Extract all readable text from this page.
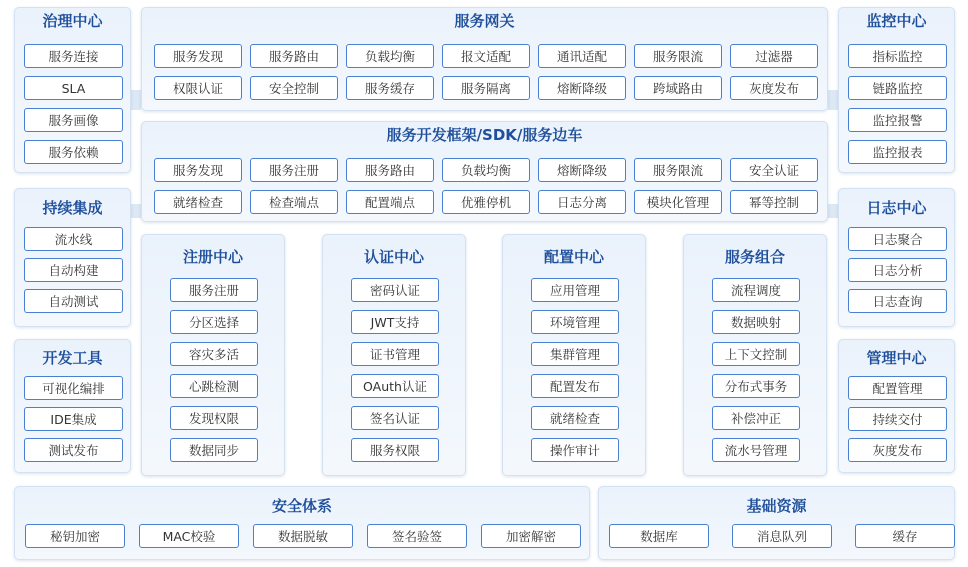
治理中心
服务连接
SLA
服务画像
服务依赖
服务网关
服务发现	服务路由	负载均衡	报文适配	通讯适配	服务限流	过滤器
权限认证	安全控制	服务缓存	服务隔离	熔断降级	跨域路由	灰度发布
监控中心
指标监控
链路监控
监控报警
监控报表
服务开发框架/SDK/服务边车
服务发现	服务注册	服务路由	负载均衡	熔断降级	服务限流	安全认证
就绪检查	检查端点	配置端点	优雅停机	日志分离	模块化管理	幂等控制
持续集成
流水线
自动构建
自动测试
开发工具
可视化编排
IDE集成
测试发布
注册中心
服务注册
分区选择
容灾多活
心跳检测
发现权限
数据同步
认证中心
密码认证
JWT支持
证书管理
OAuth认证
签名认证
服务权限
配置中心
应用管理
环境管理
集群管理
配置发布
就绪检查
操作审计
服务组合
流程调度
数据映射
上下文控制
分布式事务
补偿冲正
流水号管理
日志中心
日志聚合
日志分析
日志查询
管理中心
配置管理
持续交付
灰度发布
安全体系
秘钥加密	MAC校验	数据脱敏	签名验签	加密解密
基础资源
数据库	消息队列	缓存
